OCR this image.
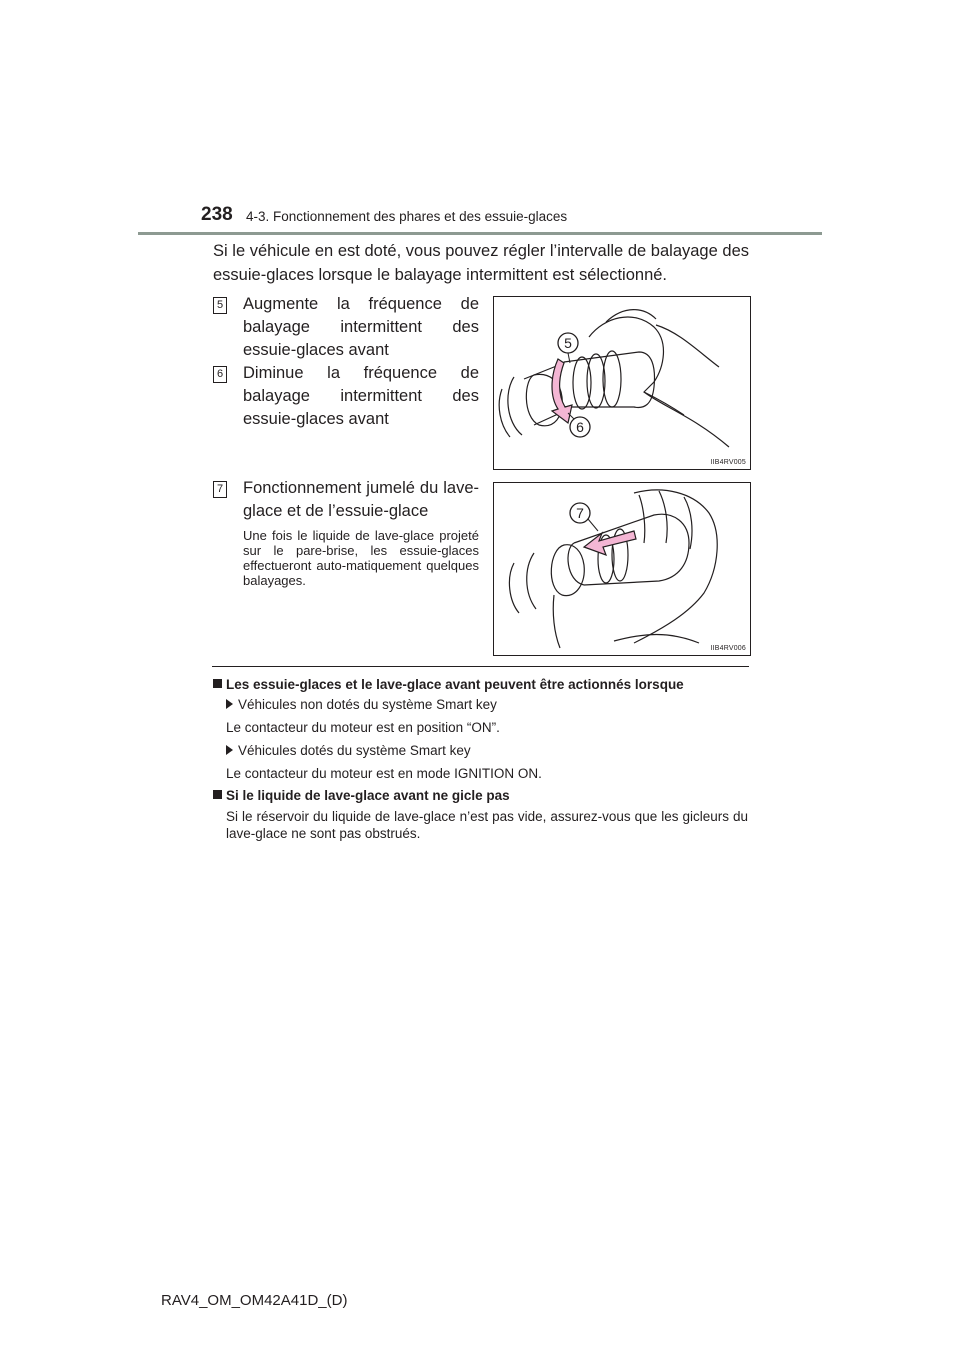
238 4-3. Fonctionnement des phares et des essuie-glaces
Si le véhicule en est doté, vous pouvez régler l’intervalle de balayage des essuie-glaces lorsque le balayage intermittent est sélectionné.
5 Augmente la fréquence de balayage intermittent des essuie-glaces avant
6 Diminue la fréquence de balayage intermittent des essuie-glaces avant
7 Fonctionnement jumelé du lave-glace et de l’essuie-glace
Une fois le liquide de lave-glace projeté sur le pare-brise, les essuie-glaces effectueront auto-matiquement quelques balayages.
5
6
IIB4RV005
7
IIB4RV006
Les essuie-glaces et le lave-glace avant peuvent être actionnés lorsque
Véhicules non dotés du système Smart key
Le contacteur du moteur est en position “ON”.
Véhicules dotés du système Smart key
Le contacteur du moteur est en mode IGNITION ON.
Si le liquide de lave-glace avant ne gicle pas
Si le réservoir du liquide de lave-glace n’est pas vide, assurez-vous que les gicleurs du lave-glace ne sont pas obstrués.
RAV4_OM_OM42A41D_(D)
